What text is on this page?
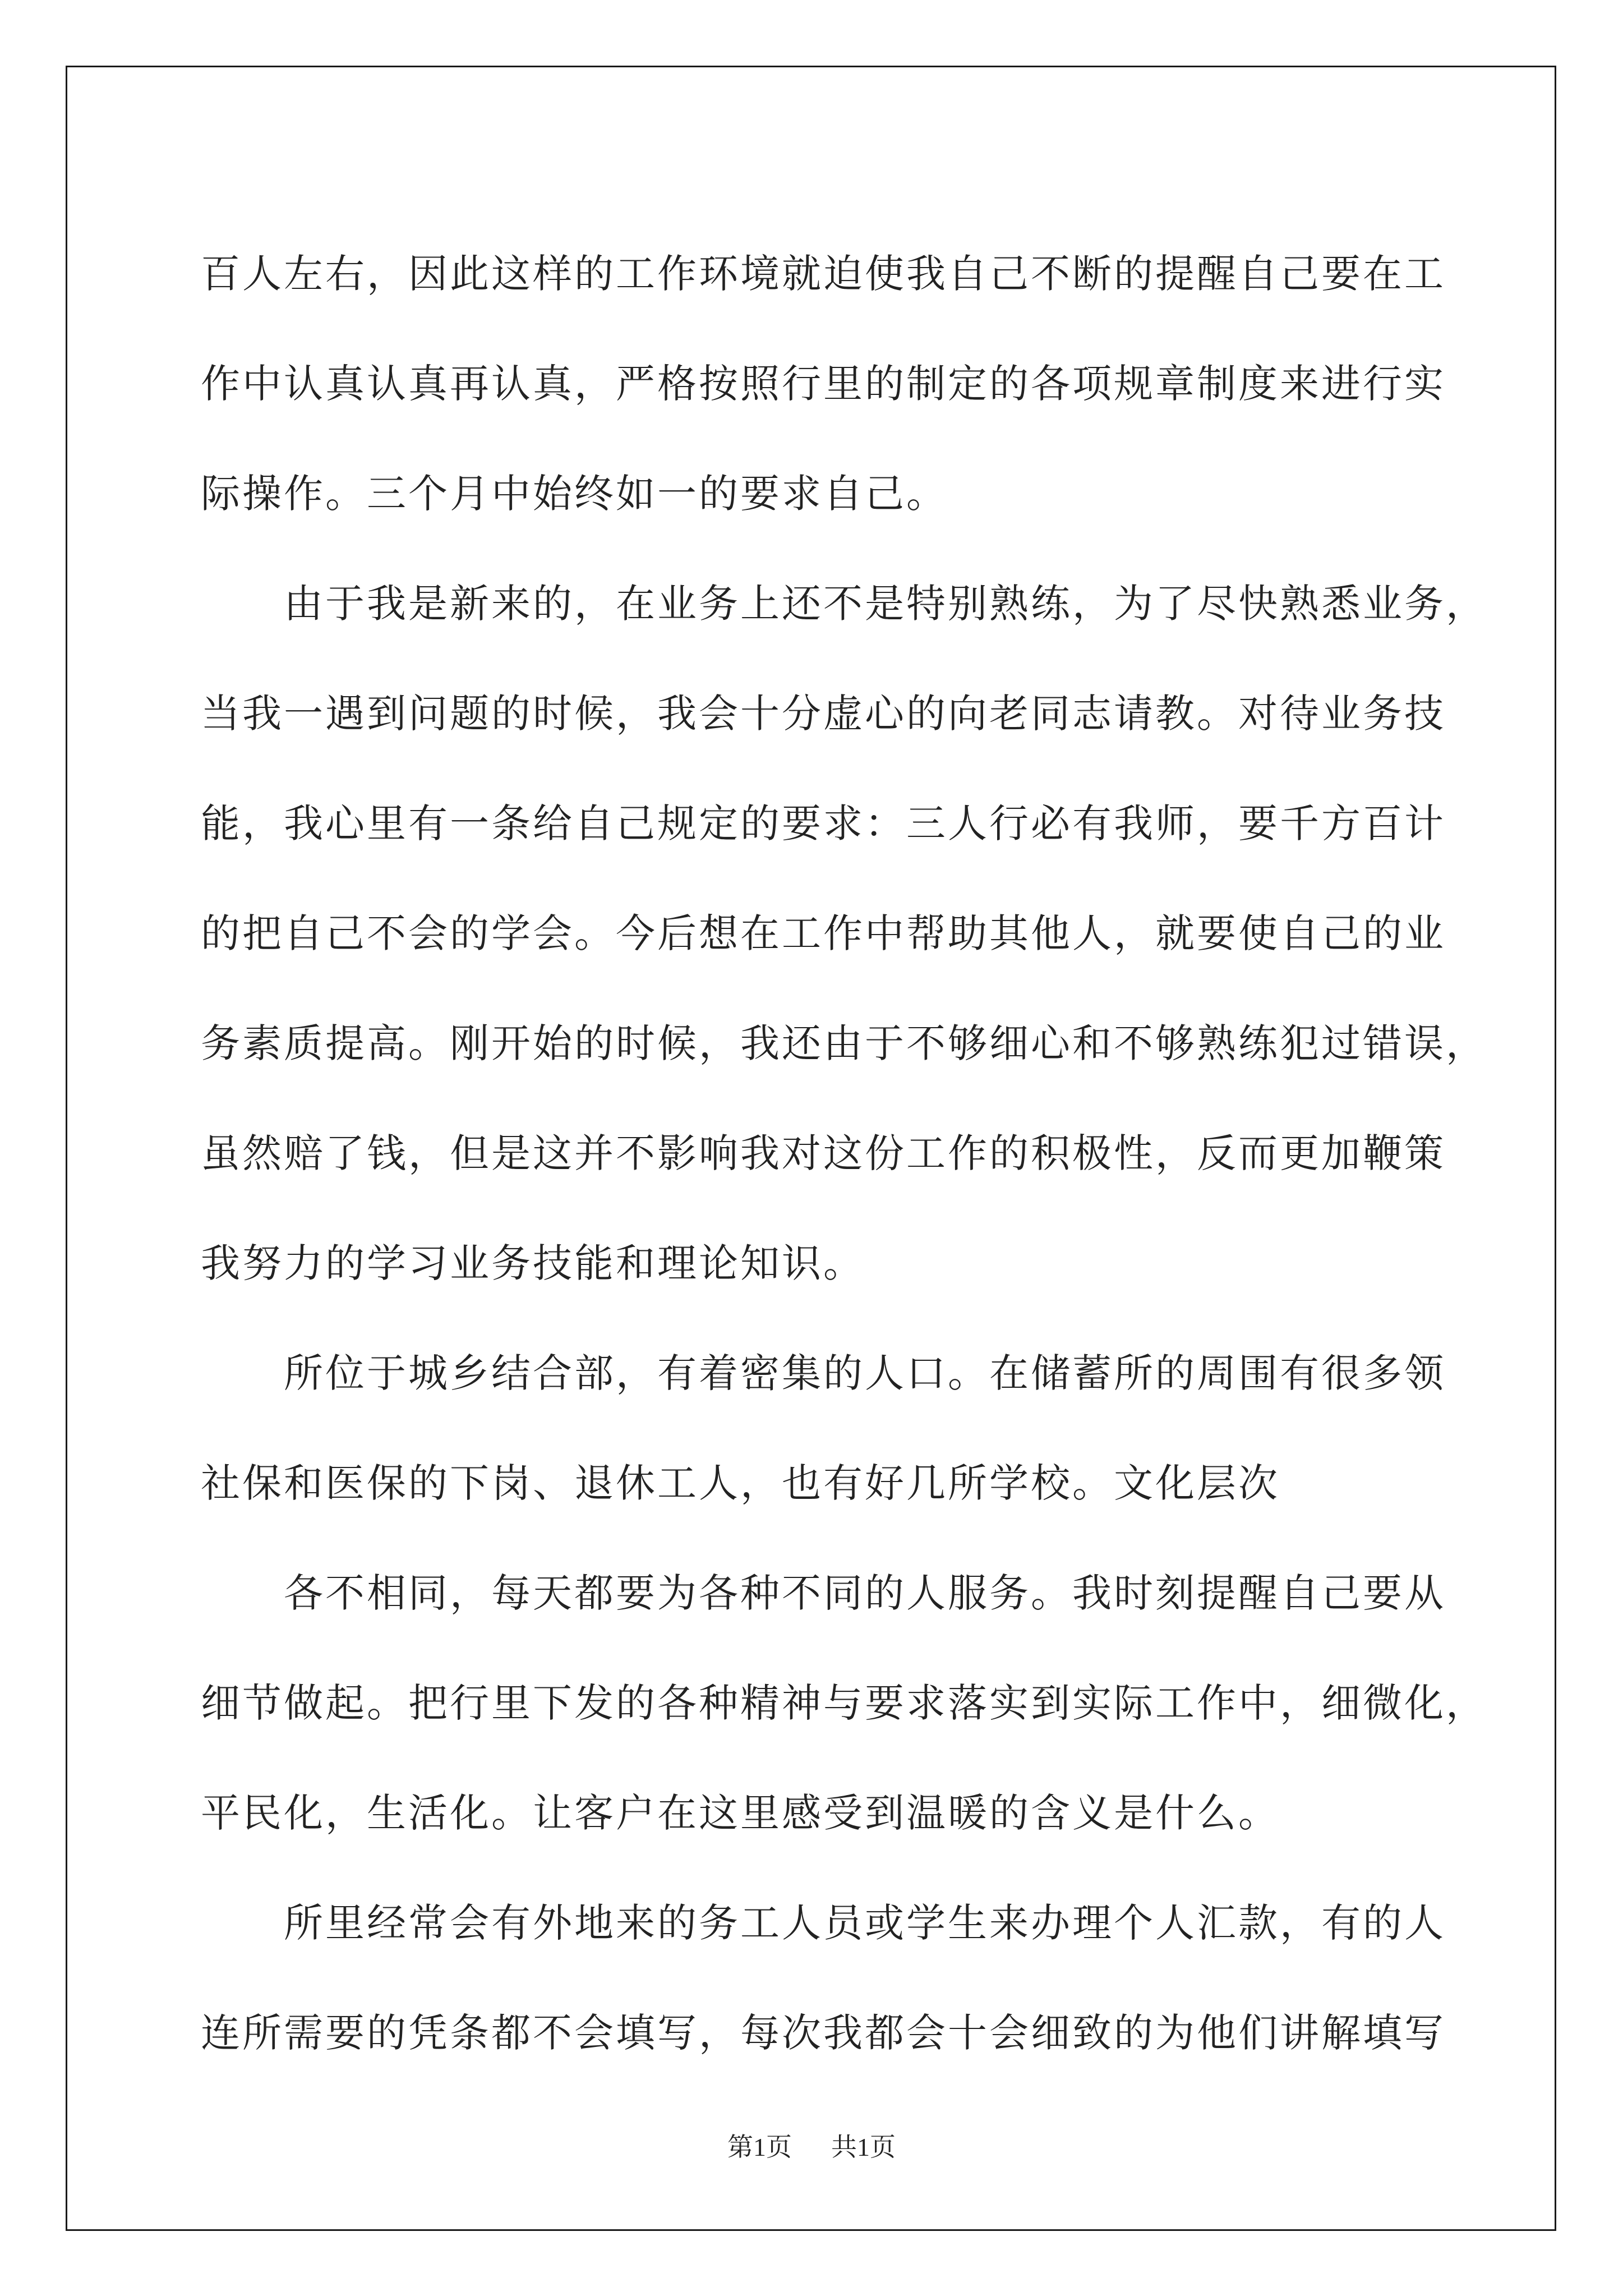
百人左右，因此这样的工作环境就迫使我自己不断的提醒自己要在工
作中认真认真再认真，严格按照行里的制定的各项规章制度来进行实
际操作。三个月中始终如一的要求自己。
由于我是新来的，在业务上还不是特别熟练，为了尽快熟悉业务，
当我一遇到问题的时候，我会十分虚心的向老同志请教。对待业务技
能，我心里有一条给自己规定的要求：三人行必有我师，要千方百计
的把自己不会的学会。今后想在工作中帮助其他人，就要使自己的业
务素质提高。刚开始的时候，我还由于不够细心和不够熟练犯过错误，
虽然赔了钱，但是这并不影响我对这份工作的积极性，反而更加鞭策
我努力的学习业务技能和理论知识。
所位于城乡结合部，有着密集的人口。在储蓄所的周围有很多领
社保和医保的下岗、退休工人，也有好几所学校。文化层次
各不相同，每天都要为各种不同的人服务。我时刻提醒自己要从
细节做起。把行里下发的各种精神与要求落实到实际工作中，细微化，
平民化，生活化。让客户在这里感受到温暖的含义是什么。
所里经常会有外地来的务工人员或学生来办理个人汇款，有的人
连所需要的凭条都不会填写，每次我都会十会细致的为他们讲解填写
第1页 共1页
